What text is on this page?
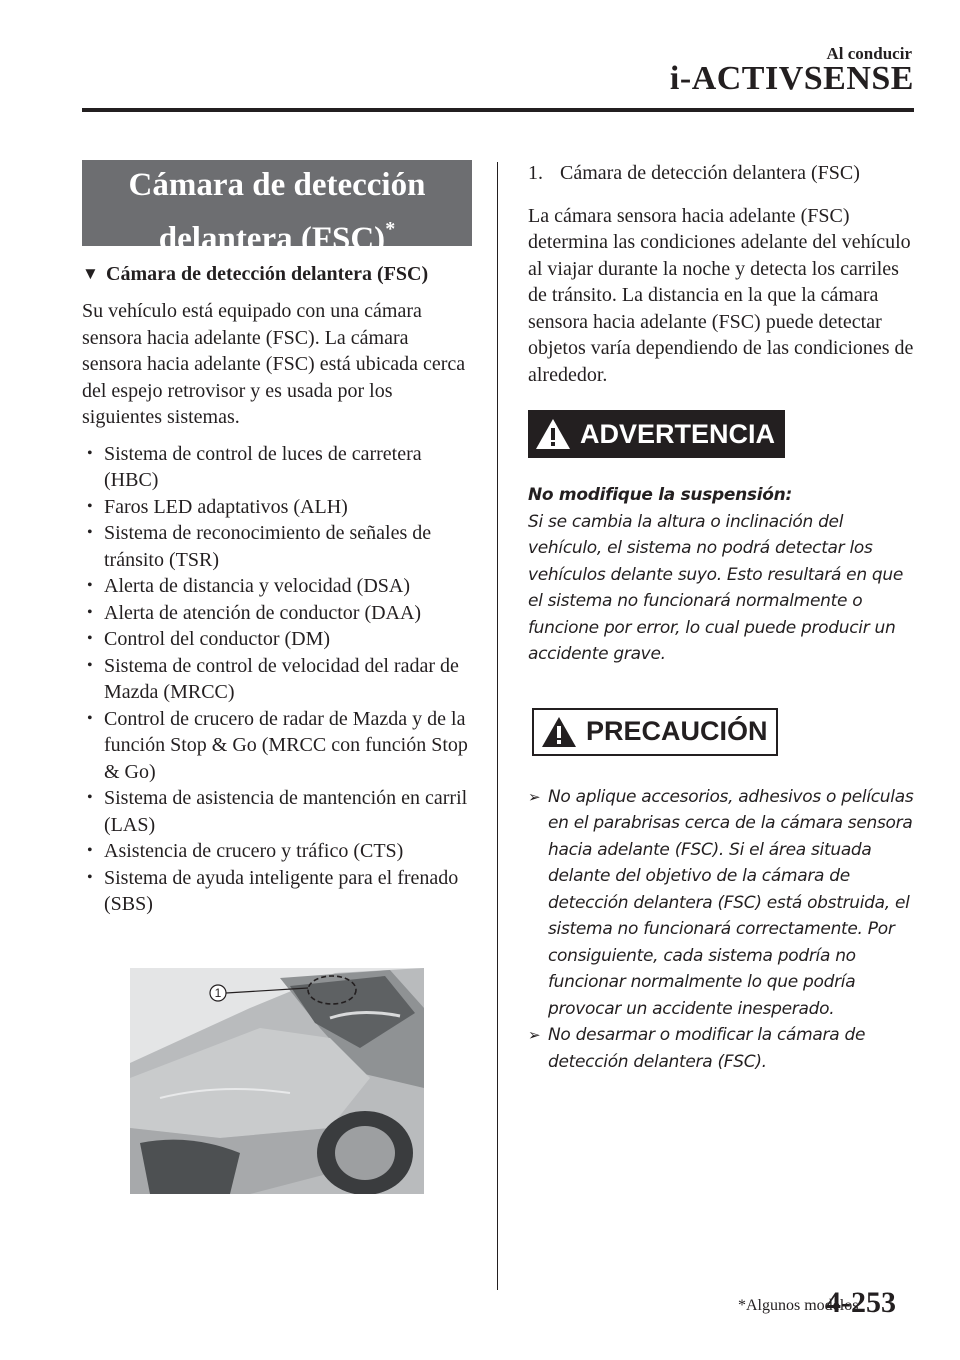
Al conducir
i-ACTIVSENSE
Cámara de detección
delantera (FSC)*
▼ Cámara de detección delantera (FSC)
Su vehículo está equipado con una cámara sensora hacia adelante (FSC). La cámara sensora hacia adelante (FSC) está ubicada cerca del espejo retrovisor y es usada por los siguientes sistemas.
• Sistema de control de luces de carretera (HBC)
• Faros LED adaptativos (ALH)
• Sistema de reconocimiento de señales de tránsito (TSR)
• Alerta de distancia y velocidad (DSA)
• Alerta de atención de conductor (DAA)
• Control del conductor (DM)
• Sistema de control de velocidad del radar de Mazda (MRCC)
• Control de crucero de radar de Mazda y de la función Stop & Go (MRCC con función Stop & Go)
• Sistema de asistencia de mantención en carril (LAS)
• Asistencia de crucero y tráfico (CTS)
• Sistema de ayuda inteligente para el frenado (SBS)
1
1. Cámara de detección delantera (FSC)
La cámara sensora hacia adelante (FSC) determina las condiciones adelante del vehículo al viajar durante la noche y detecta los carriles de tránsito. La distancia en la que la cámara sensora hacia adelante (FSC) puede detectar objetos varía dependiendo de las condiciones de alrededor.
ADVERTENCIA
No modifique la suspensión:
Si se cambia la altura o inclinación del vehículo, el sistema no podrá detectar los vehículos delante suyo. Esto resultará en que el sistema no funcionará normalmente o funcione por error, lo cual puede producir un accidente grave.
PRECAUCIÓN
➢ No aplique accesorios, adhesivos o películas en el parabrisas cerca de la cámara sensora hacia adelante (FSC). Si el área situada delante del objetivo de la cámara de detección delantera (FSC) está obstruida, el sistema no funcionará correctamente. Por consiguiente, cada sistema podría no funcionar normalmente lo que podría provocar un accidente inesperado.
➢ No desarmar o modificar la cámara de detección delantera (FSC).
*Algunos modelos
4-253
